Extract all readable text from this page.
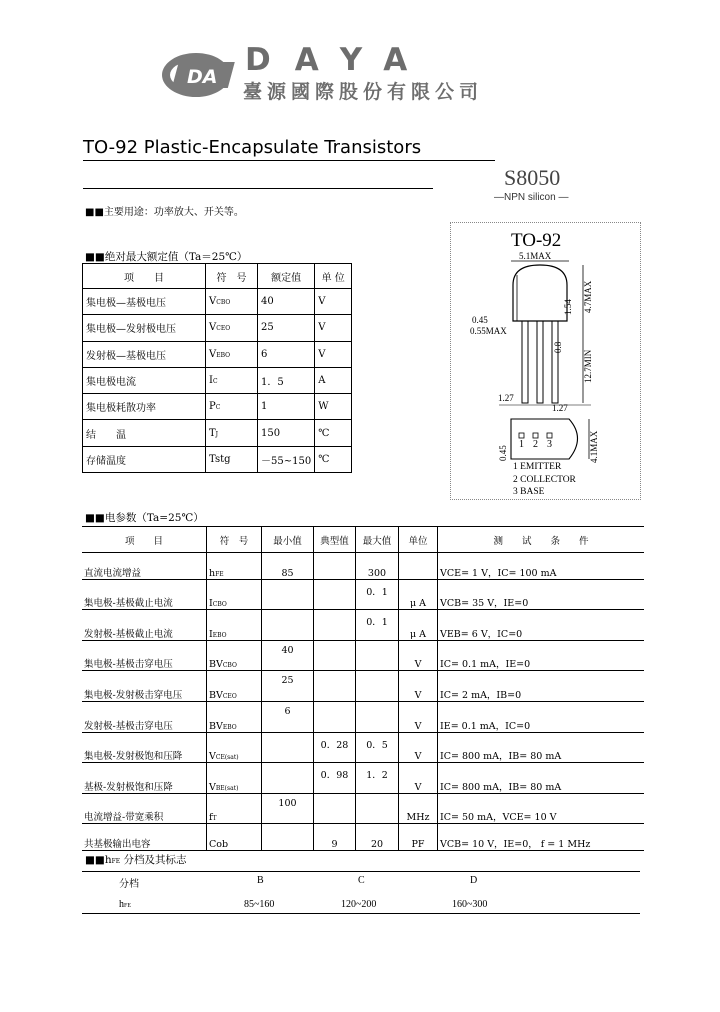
DA DAYA
臺源國際股份有限公司
TO-92 Plastic-Encapsulate Transistors
S8050
—NPN silicon —
■■主要用途：功率放大、开关等。
■■绝对最大额定值（Ta＝25℃）
项　　目	符　号	额定值	单 位
集电极—基极电压	VCBO	40	V
集电极—发射极电压	VCEO	25	V
发射极—基极电压	VEBO	6	V
集电极电流	IC	1．5	A
集电极耗散功率	PC	1	W
结　　温	TJ	150	℃
存储温度	Tstg	－55~150	℃
TO-92
5.1MAX
4.7MAX
1.54
12.7MIN
0.8
0.45
0.55MAX
1.27
1.27
1 2 3	4.1MAX
0.45
1 EMITTER
2 COLLECTOR
3 BASE
■■电参数（Ta=25℃）
项　　目	符　号	最小值	典型值	最大值	单位	测　　试　　条　　件
直流电流增益	hFE	85		300		VCE= 1 V，IC= 100 mA
集电极-基极截止电流	ICBO			0．1	μ A	VCB= 35 V，IE=0
发射极-基极截止电流	IEBO			0．1	μ A	VEB= 6 V，IC=0
集电极-基极击穿电压	BVCBO	40			V	IC= 0.1 mA，IE=0
集电极-发射极击穿电压	BVCEO	25			V	IC= 2 mA，IB=0
发射极-基极击穿电压	BVEBO	6			V	IE= 0.1 mA，IC=0
集电极-发射极饱和压降	VCE(sat)		0．28	0．5	V	IC= 800 mA，IB= 80 mA
基极-发射极饱和压降	VBE(sat)		0．98	1．2	V	IC= 800 mA，IB= 80 mA
电流增益-带宽乘积	fT	100			MHz	IC= 50 mA，VCE= 10 V
共基极输出电容	Cob		9	20	PF	VCB= 10 V，IE=0， f = 1 MHz
■■hFE 分档及其标志
分档	B	C	D
hFE	85~160	120~200	160~300
